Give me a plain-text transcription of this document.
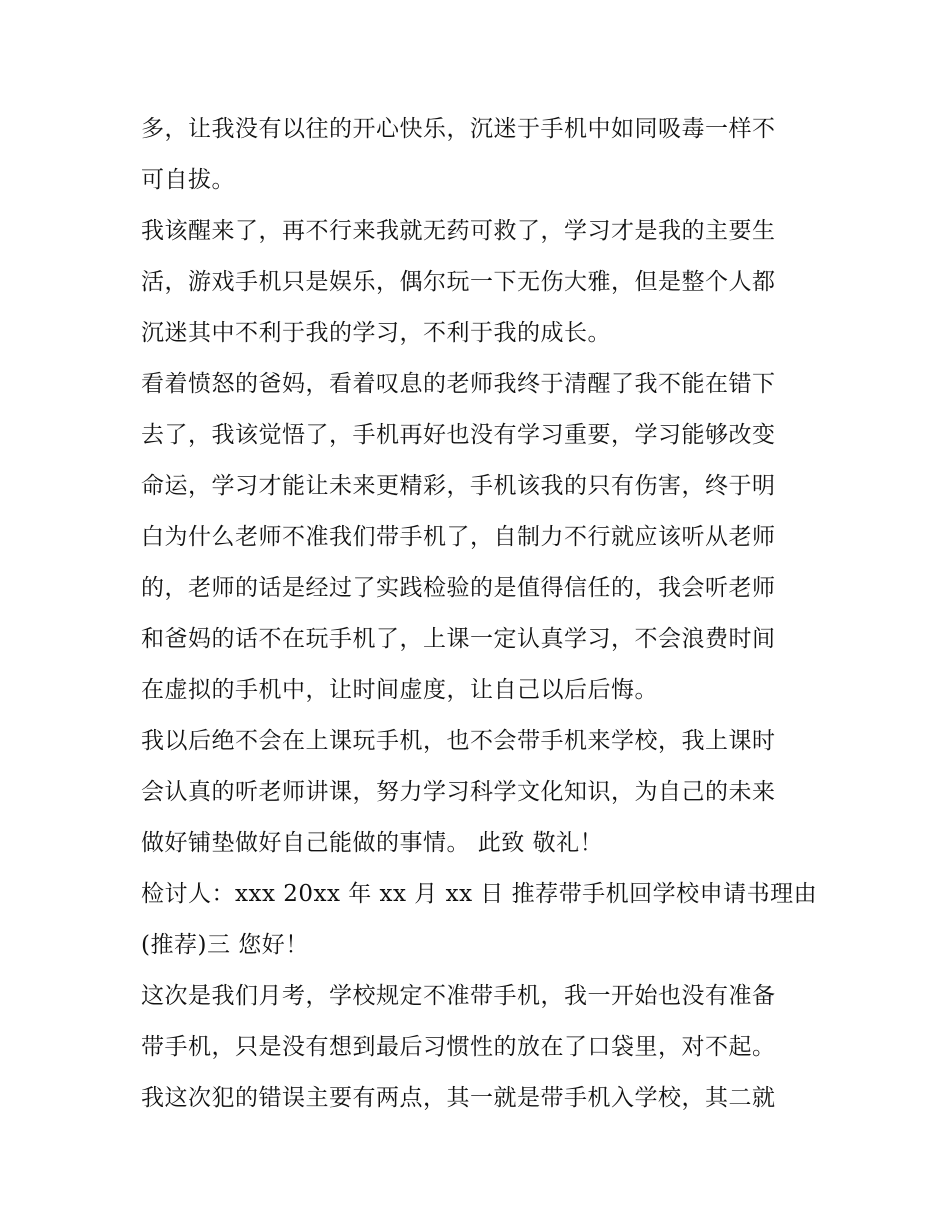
多，让我没有以往的开心快乐，沉迷于手机中如同吸毒一样不
可自拔。
我该醒来了，再不行来我就无药可救了，学习才是我的主要生
活，游戏手机只是娱乐，偶尔玩一下无伤大雅，但是整个人都
沉迷其中不利于我的学习，不利于我的成长。
看着愤怒的爸妈，看着叹息的老师我终于清醒了我不能在错下
去了，我该觉悟了，手机再好也没有学习重要，学习能够改变
命运，学习才能让未来更精彩，手机该我的只有伤害，终于明
白为什么老师不准我们带手机了，自制力不行就应该听从老师
的，老师的话是经过了实践检验的是值得信任的，我会听老师
和爸妈的话不在玩手机了，上课一定认真学习，不会浪费时间
在虚拟的手机中，让时间虚度，让自己以后后悔。
我以后绝不会在上课玩手机，也不会带手机来学校，我上课时
会认真的听老师讲课，努力学习科学文化知识，为自己的未来
做好铺垫做好自己能做的事情。 此致 敬礼！
检讨人：xxx 20xx 年 xx 月 xx 日 推荐带手机回学校申请书理由
(推荐)三 您好！
这次是我们月考，学校规定不准带手机，我一开始也没有准备
带手机，只是没有想到最后习惯性的放在了口袋里，对不起。
我这次犯的错误主要有两点，其一就是带手机入学校，其二就
